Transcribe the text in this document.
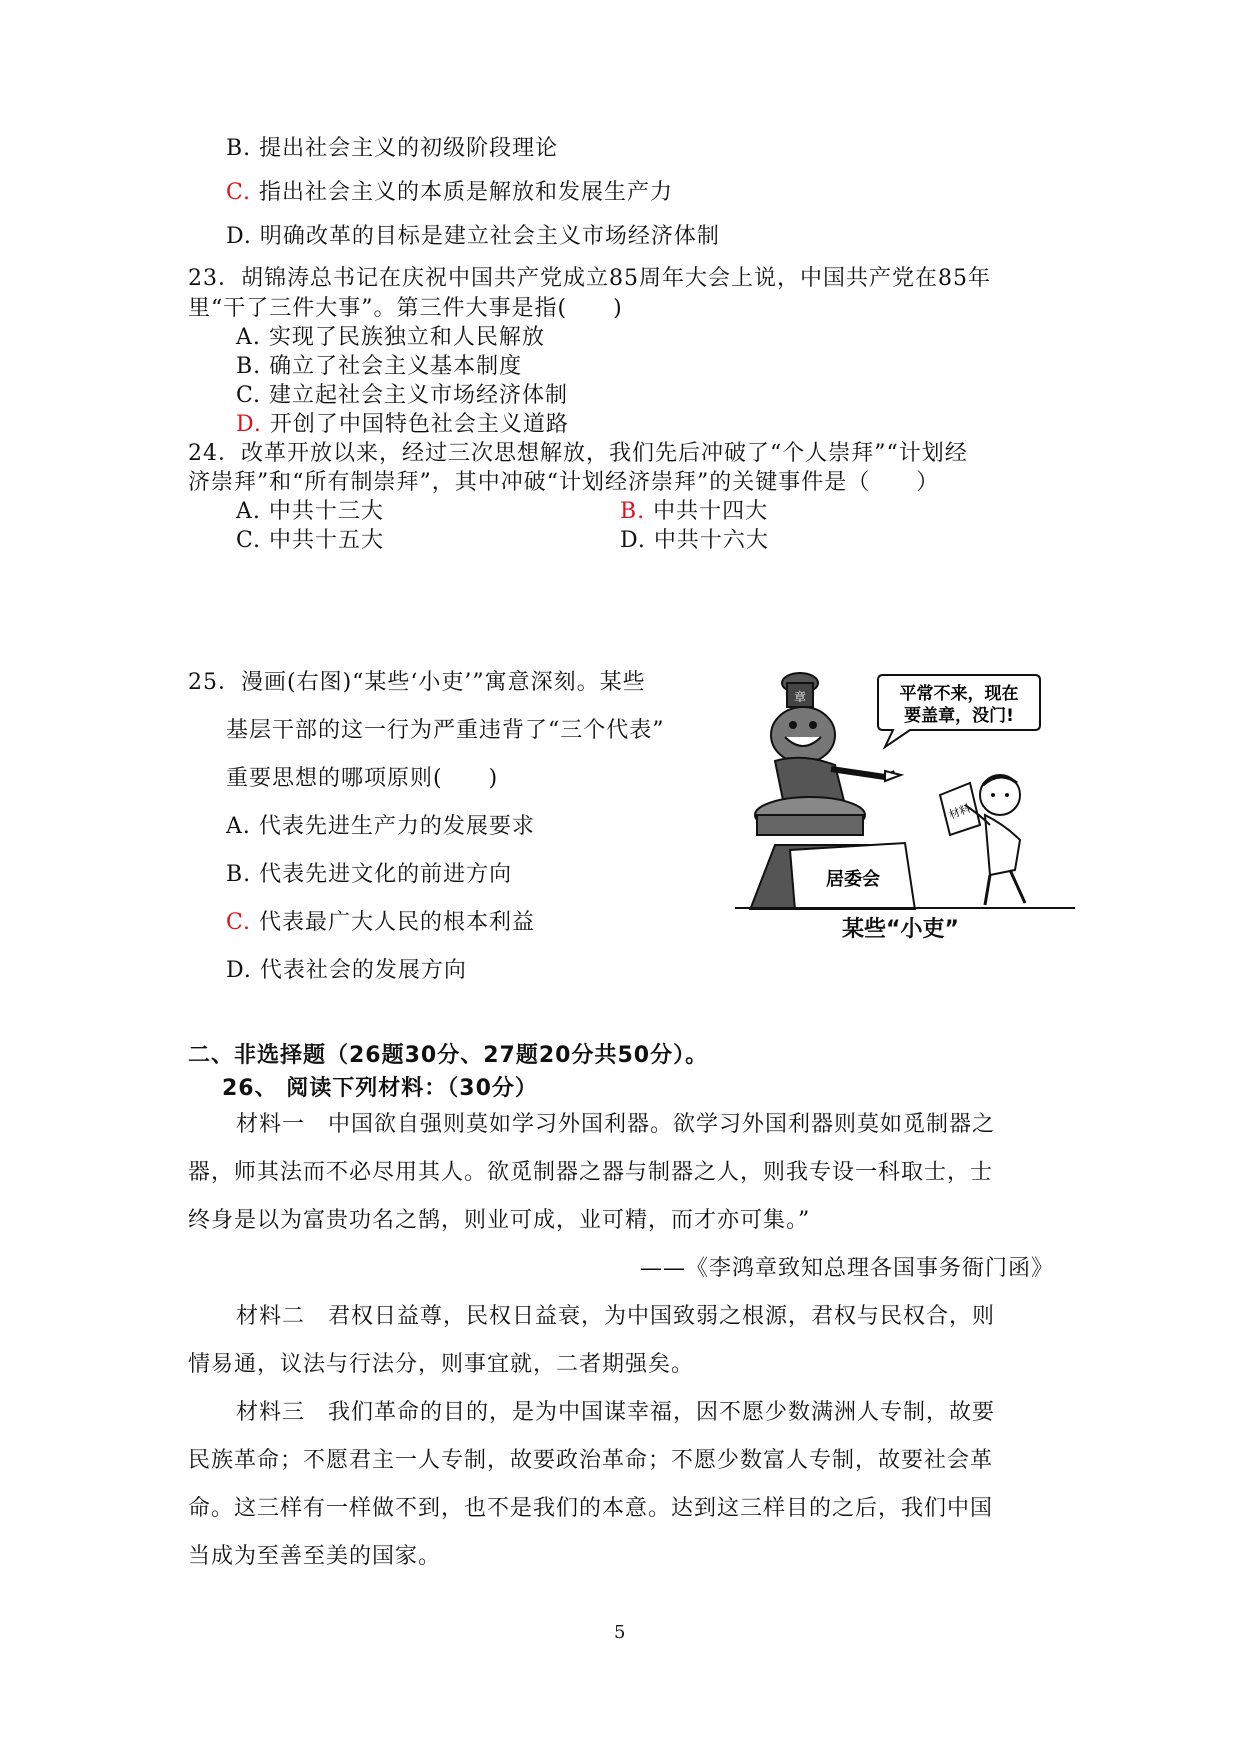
B. 提出社会主义的初级阶段理论
C. 指出社会主义的本质是解放和发展生产力
D. 明确改革的目标是建立社会主义市场经济体制
23．胡锦涛总书记在庆祝中国共产党成立85周年大会上说，中国共产党在85年
里“干了三件大事”。第三件大事是指(　　)
A. 实现了民族独立和人民解放
B. 确立了社会主义基本制度
C. 建立起社会主义市场经济体制
D. 开创了中国特色社会主义道路
24．改革开放以来，经过三次思想解放，我们先后冲破了“个人崇拜”“计划经
济崇拜”和“所有制崇拜”，其中冲破“计划经济崇拜”的关键事件是（　　）
A. 中共十三大	B. 中共十四大
C. 中共十五大	D. 中共十六大
25．漫画(右图)“某些‘小吏’”寓意深刻。某些
基层干部的这一行为严重违背了“三个代表”
重要思想的哪项原则(　　)
A. 代表先进生产力的发展要求
B. 代表先进文化的前进方向
C. 代表最广大人民的根本利益
D. 代表社会的发展方向
平常不来，现在
要盖章，没门!
章
居委会
材料
某些“小吏”
二、非选择题（26题30分、27题20分共50分）。
26、 阅读下列材料：（30分）
材料一　中国欲自强则莫如学习外国利器。欲学习外国利器则莫如觅制器之
器，师其法而不必尽用其人。欲觅制器之器与制器之人，则我专设一科取士，士
终身是以为富贵功名之鹄，则业可成，业可精，而才亦可集。”
——《李鸿章致知总理各国事务衙门函》
材料二　君权日益尊，民权日益衰，为中国致弱之根源，君权与民权合，则
情易通，议法与行法分，则事宜就，二者期强矣。
材料三　我们革命的目的，是为中国谋幸福，因不愿少数满洲人专制，故要
民族革命；不愿君主一人专制，故要政治革命；不愿少数富人专制，故要社会革
命。这三样有一样做不到，也不是我们的本意。达到这三样目的之后，我们中国
当成为至善至美的国家。
5
